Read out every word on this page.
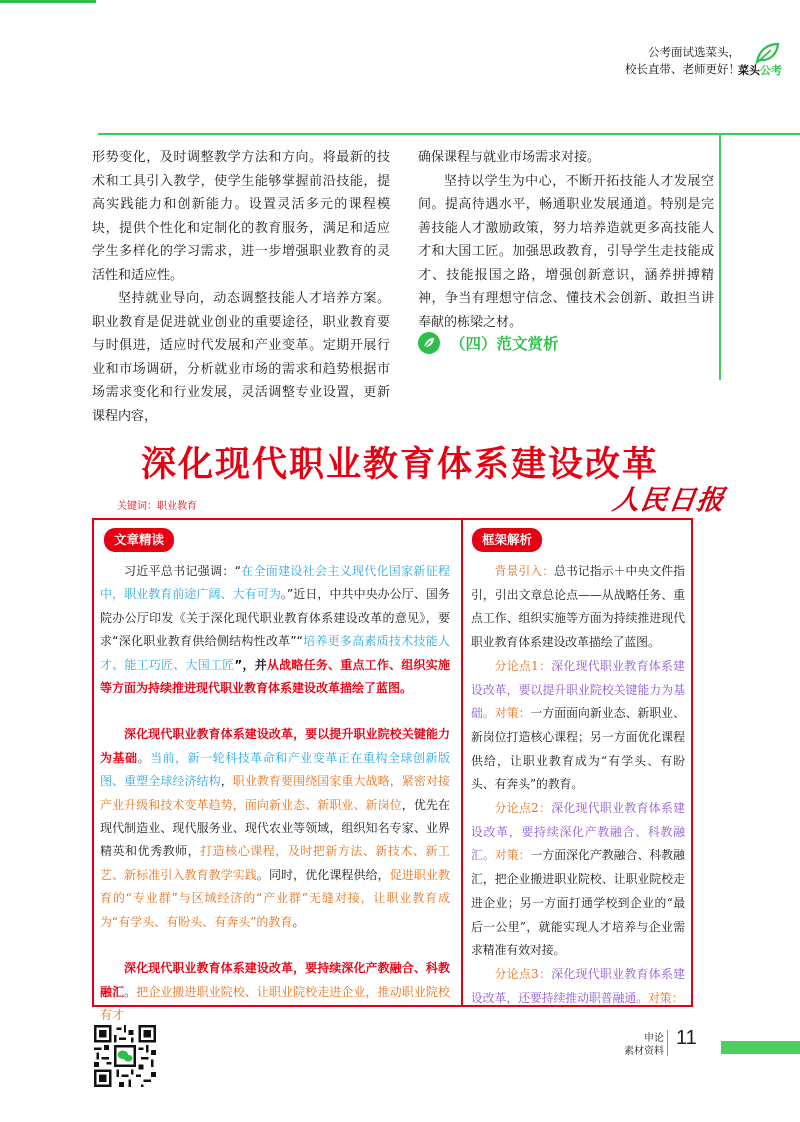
公考面试选菜头，
校长直带、老师更好！
菜头公考

形势变化，及时调整教学方法和方向。将最新的技术和工具引入教学，使学生能够掌握前沿技能，提高实践能力和创新能力。设置灵活多元的课程模块，提供个性化和定制化的教育服务，满足和适应学生多样化的学习需求，进一步增强职业教育的灵活性和适应性。

坚持就业导向，动态调整技能人才培养方案。职业教育是促进就业创业的重要途径，职业教育要与时俱进，适应时代发展和产业变革。定期开展行业和市场调研，分析就业市场的需求和趋势根据市场需求变化和行业发展，灵活调整专业设置，更新课程内容，

确保课程与就业市场需求对接。

坚持以学生为中心，不断开拓技能人才发展空间。提高待遇水平，畅通职业发展通道。特别是完善技能人才激励政策，努力培养造就更多高技能人才和大国工匠。加强思政教育，引导学生走技能成才、技能报国之路，增强创新意识，涵养拼搏精神，争当有理想守信念、懂技术会创新、敢担当讲奉献的栋梁之材。

（四）范文赏析
深化现代职业教育体系建设改革
关键词：职业教育	人民日报
文章精读	框架解析

习近平总书记强调：“在全面建设社会主义现代化国家新征程中，职业教育前途广阔、大有可为。”近日，中共中央办公厅、国务院办公厅印发《关于深化现代职业教育体系建设改革的意见》，要求“深化职业教育供给侧结构性改革”“培养更多高素质技术技能人才、能工巧匠、大国工匠”，并从战略任务、重点工作、组织实施等方面为持续推进现代职业教育体系建设改革描绘了蓝图。

深化现代职业教育体系建设改革，要以提升职业院校关键能力为基础。当前，新一轮科技革命和产业变革正在重构全球创新版图、重塑全球经济结构，职业教育要围绕国家重大战略，紧密对接产业升级和技术变革趋势，面向新业态、新职业、新岗位，优先在现代制造业、现代服务业、现代农业等领域，组织知名专家、业界精英和优秀教师，打造核心课程，及时把新方法、新技术、新工艺、新标准引入教育教学实践。同时，优化课程供给，促进职业教育的“专业群”与区域经济的“产业群”无缝对接，让职业教育成为“有学头、有盼头、有奔头”的教育。

深化现代职业教育体系建设改革，要持续深化产教融合、科教融汇。把企业搬进职业院校、让职业院校走进企业，推动职业院校有才

背景引入：总书记指示＋中央文件指引，引出文章总论点——从战略任务、重点工作、组织实施等方面为持续推进现代职业教育体系建设改革描绘了蓝图。

分论点1：深化现代职业教育体系建设改革，要以提升职业院校关键能力为基础。对策：一方面面向新业态、新职业、新岗位打造核心课程；另一方面优化课程供给，让职业教育成为“有学头、有盼头、有奔头”的教育。

分论点2：深化现代职业教育体系建设改革，要持续深化产教融合、科教融汇。对策：一方面深化产教融合、科教融汇，把企业搬进职业院校、让职业院校走进企业；另一方面打通学校到企业的“最后一公里”，就能实现人才培养与企业需求精准有效对接。

分论点3：深化现代职业教育体系建设改革，还要持续推动职普融通。对策：

申论
素材资料
11
